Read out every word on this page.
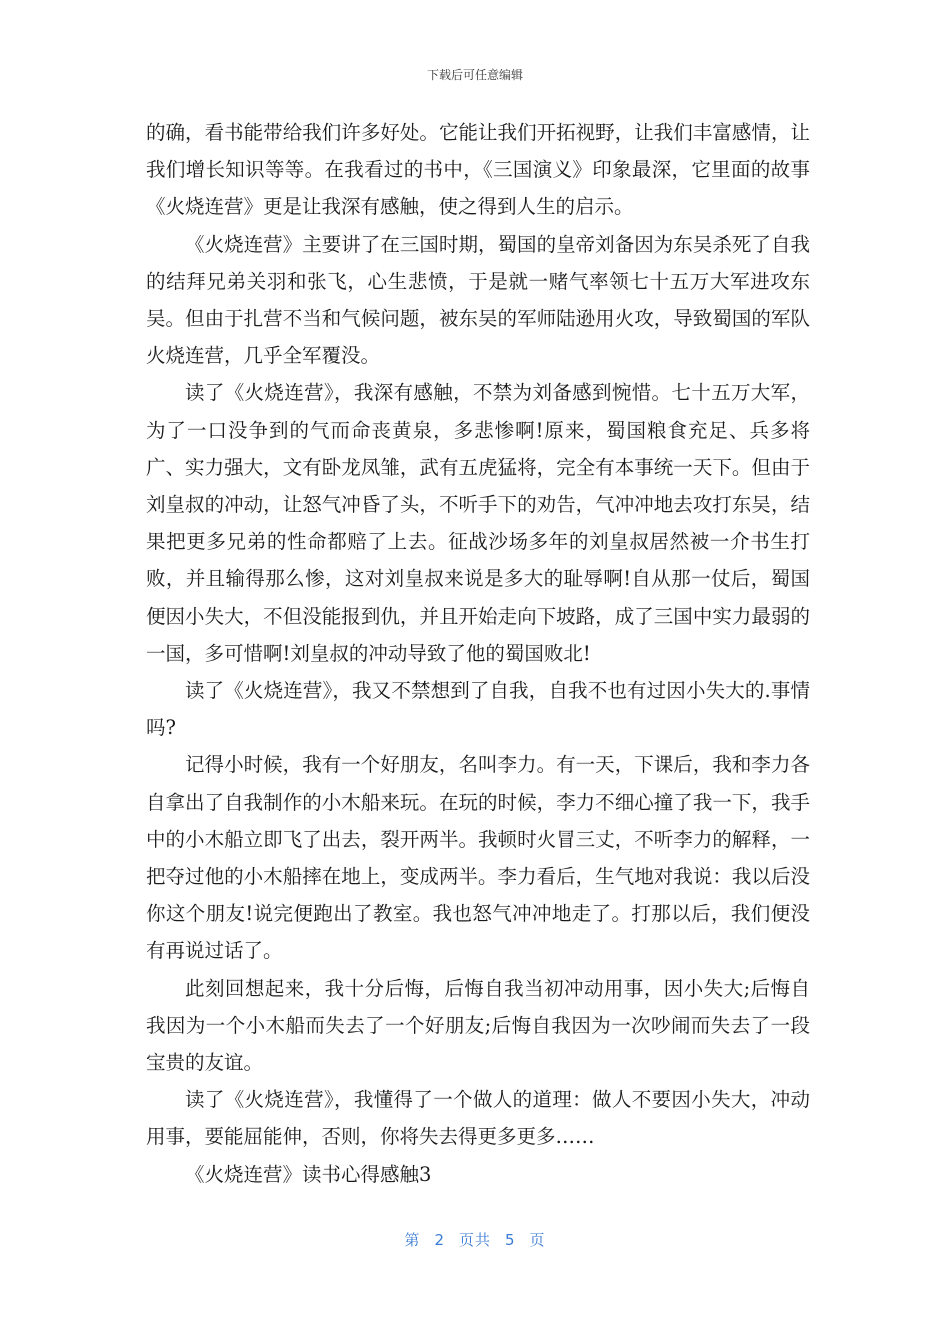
下载后可任意编辑

的确，看书能带给我们许多好处。它能让我们开拓视野，让我们丰富感情，让我们增长知识等等。在我看过的书中，《三国演义》印象最深，它里面的故事《火烧连营》更是让我深有感触，使之得到人生的启示。

《火烧连营》主要讲了在三国时期，蜀国的皇帝刘备因为东吴杀死了自我的结拜兄弟关羽和张飞，心生悲愤，于是就一赌气率领七十五万大军进攻东吴。但由于扎营不当和气候问题，被东吴的军师陆逊用火攻，导致蜀国的军队火烧连营，几乎全军覆没。

读了《火烧连营》，我深有感触，不禁为刘备感到惋惜。七十五万大军，为了一口没争到的气而命丧黄泉，多悲惨啊!原来，蜀国粮食充足、兵多将广、实力强大，文有卧龙凤雏，武有五虎猛将，完全有本事统一天下。但由于刘皇叔的冲动，让怒气冲昏了头，不听手下的劝告，气冲冲地去攻打东吴，结果把更多兄弟的性命都赔了上去。征战沙场多年的刘皇叔居然被一介书生打败，并且输得那么惨，这对刘皇叔来说是多大的耻辱啊!自从那一仗后，蜀国便因小失大，不但没能报到仇，并且开始走向下坡路，成了三国中实力最弱的一国，多可惜啊!刘皇叔的冲动导致了他的蜀国败北!

读了《火烧连营》，我又不禁想到了自我，自我不也有过因小失大的.事情吗?

记得小时候，我有一个好朋友，名叫李力。有一天，下课后，我和李力各自拿出了自我制作的小木船来玩。在玩的时候，李力不细心撞了我一下，我手中的小木船立即飞了出去，裂开两半。我顿时火冒三丈，不听李力的解释，一把夺过他的小木船摔在地上，变成两半。李力看后，生气地对我说：我以后没你这个朋友!说完便跑出了教室。我也怒气冲冲地走了。打那以后，我们便没有再说过话了。

此刻回想起来，我十分后悔，后悔自我当初冲动用事，因小失大;后悔自我因为一个小木船而失去了一个好朋友;后悔自我因为一次吵闹而失去了一段宝贵的友谊。

读了《火烧连营》，我懂得了一个做人的道理：做人不要因小失大，冲动用事，要能屈能伸，否则，你将失去得更多更多……

《火烧连营》读书心得感触3

第 2 页共 5 页
